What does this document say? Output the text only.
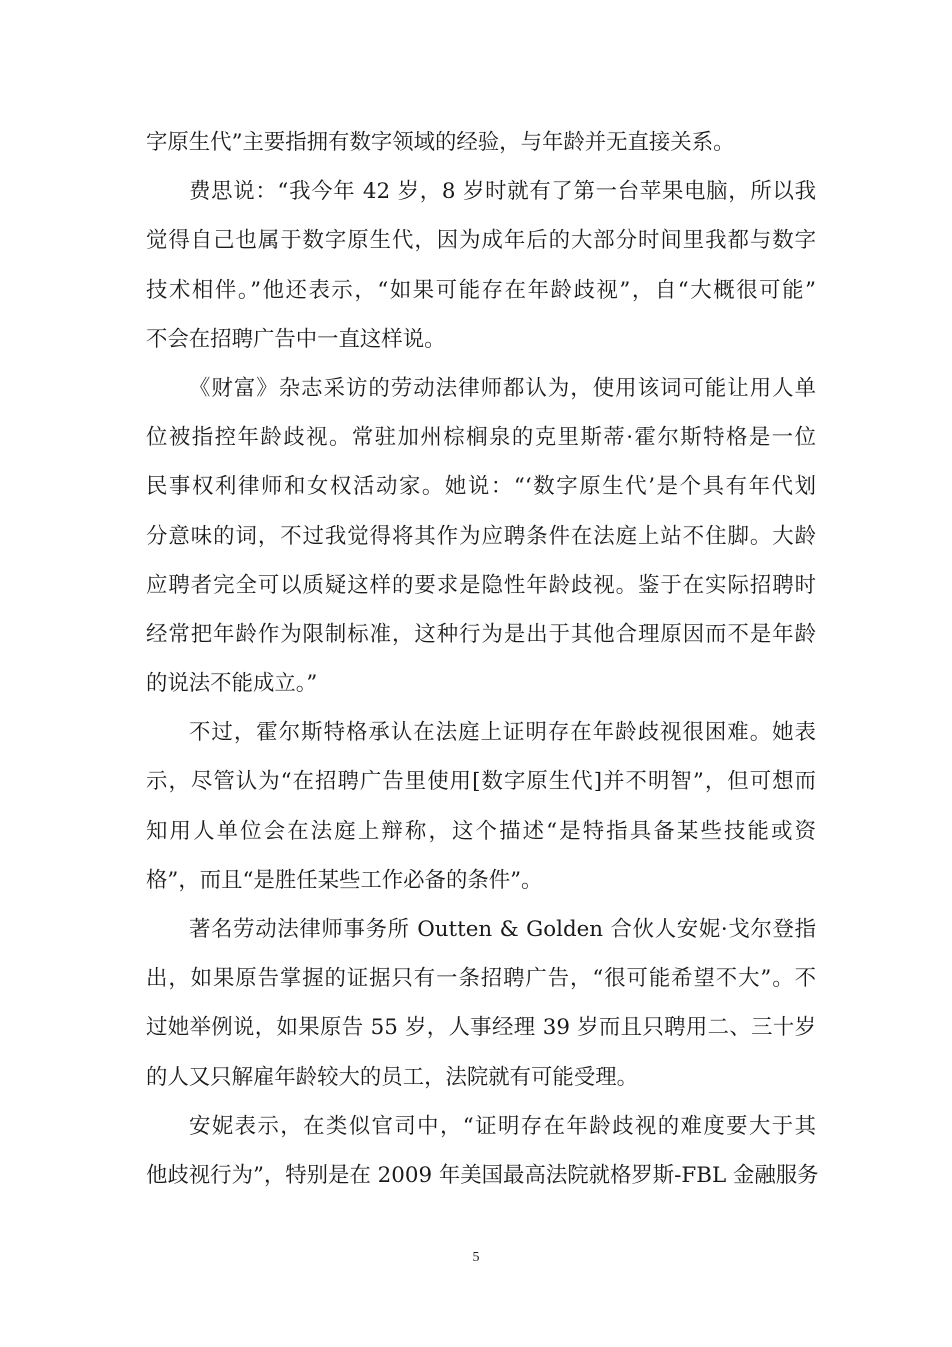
字原生代”主要指拥有数字领域的经验，与年龄并无直接关系。
费思说：“我今年 42 岁，8 岁时就有了第一台苹果电脑，所以我
觉得自己也属于数字原生代，因为成年后的大部分时间里我都与数字
技术相伴。”他还表示，“如果可能存在年龄歧视”，自“大概很可能”
不会在招聘广告中一直这样说。
《财富》杂志采访的劳动法律师都认为，使用该词可能让用人单
位被指控年龄歧视。常驻加州棕榈泉的克里斯蒂·霍尔斯特格是一位
民事权利律师和女权活动家。她说：“‘数字原生代’是个具有年代划
分意味的词，不过我觉得将其作为应聘条件在法庭上站不住脚。大龄
应聘者完全可以质疑这样的要求是隐性年龄歧视。鉴于在实际招聘时
经常把年龄作为限制标准，这种行为是出于其他合理原因而不是年龄
的说法不能成立。”
不过，霍尔斯特格承认在法庭上证明存在年龄歧视很困难。她表
示，尽管认为“在招聘广告里使用[数字原生代]并不明智”，但可想而
知用人单位会在法庭上辩称，这个描述“是特指具备某些技能或资
格”，而且“是胜任某些工作必备的条件”。
著名劳动法律师事务所 Outten & Golden 合伙人安妮·戈尔登指
出，如果原告掌握的证据只有一条招聘广告，“很可能希望不大”。不
过她举例说，如果原告 55 岁，人事经理 39 岁而且只聘用二、三十岁
的人又只解雇年龄较大的员工，法院就有可能受理。
安妮表示，在类似官司中，“证明存在年龄歧视的难度要大于其
他歧视行为”，特别是在 2009 年美国最高法院就格罗斯-FBL 金融服务
5
